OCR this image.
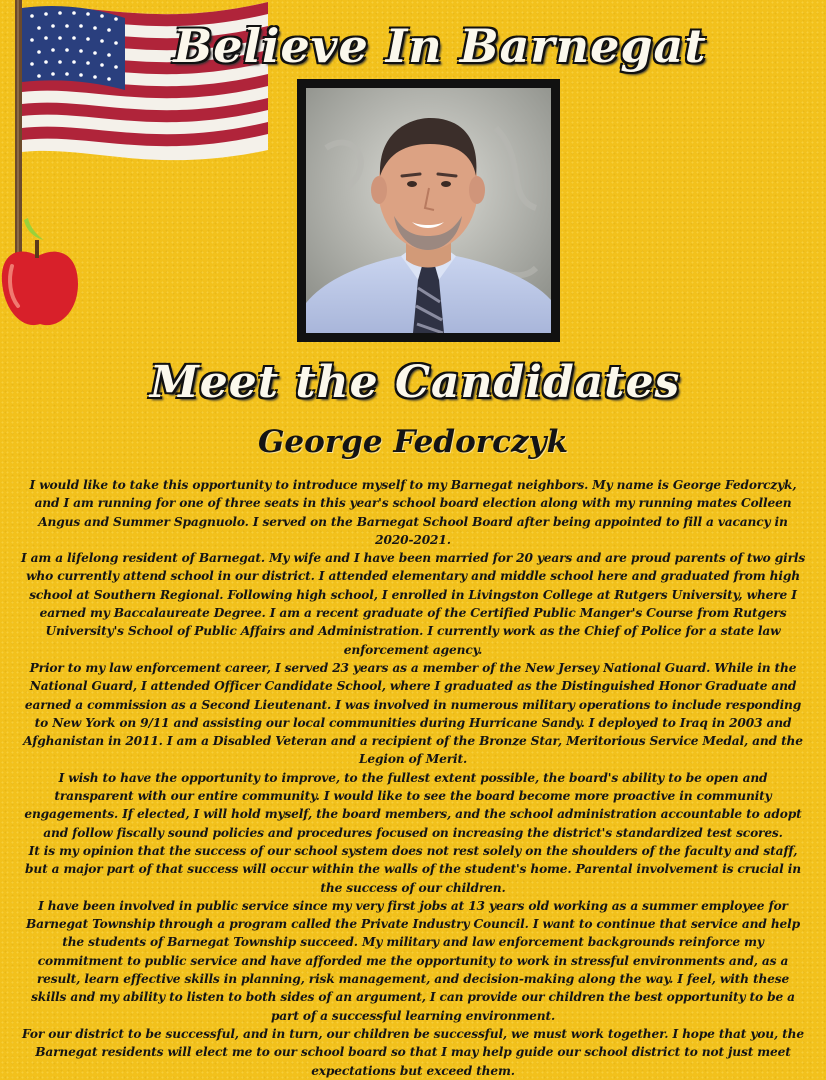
Believe In Barnegat
Meet the Candidates
George Fedorczyk

I would like to take this opportunity to introduce myself to my Barnegat neighbors. My name is George Fedorczyk, and I am running for one of three seats in this year's school board election along with my running mates Colleen Angus and Summer Spagnuolo. I served on the Barnegat School Board after being appointed to fill a vacancy in 2020-2021.

I am a lifelong resident of Barnegat. My wife and I have been married for 20 years and are proud parents of two girls who currently attend school in our district. I attended elementary and middle school here and graduated from high school at Southern Regional. Following high school, I enrolled in Livingston College at Rutgers University, where I earned my Baccalaureate Degree. I am a recent graduate of the Certified Public Manger's Course from Rutgers University's School of Public Affairs and Administration. I currently work as the Chief of Police for a state law enforcement agency.

Prior to my law enforcement career, I served 23 years as a member of the New Jersey National Guard. While in the National Guard, I attended Officer Candidate School, where I graduated as the Distinguished Honor Graduate and earned a commission as a Second Lieutenant. I was involved in numerous military operations to include responding to New York on 9/11 and assisting our local communities during Hurricane Sandy. I deployed to Iraq in 2003 and Afghanistan in 2011. I am a Disabled Veteran and a recipient of the Bronze Star, Meritorious Service Medal, and the Legion of Merit.

I wish to have the opportunity to improve, to the fullest extent possible, the board's ability to be open and transparent with our entire community. I would like to see the board become more proactive in community engagements. If elected, I will hold myself, the board members, and the school administration accountable to adopt and follow fiscally sound policies and procedures focused on increasing the district's standardized test scores.

It is my opinion that the success of our school system does not rest solely on the shoulders of the faculty and staff, but a major part of that success will occur within the walls of the student's home. Parental involvement is crucial in the success of our children.

I have been involved in public service since my very first jobs at 13 years old working as a summer employee for Barnegat Township through a program called the Private Industry Council. I want to continue that service and help the students of Barnegat Township succeed. My military and law enforcement backgrounds reinforce my commitment to public service and have afforded me the opportunity to work in stressful environments and, as a result, learn effective skills in planning, risk management, and decision-making along the way. I feel, with these skills and my ability to listen to both sides of an argument, I can provide our children the best opportunity to be a part of a successful learning environment.

For our district to be successful, and in turn, our children be successful, we must work together. I hope that you, the Barnegat residents will elect me to our school board so that I may help guide our school district to not just meet expectations but exceed them.
